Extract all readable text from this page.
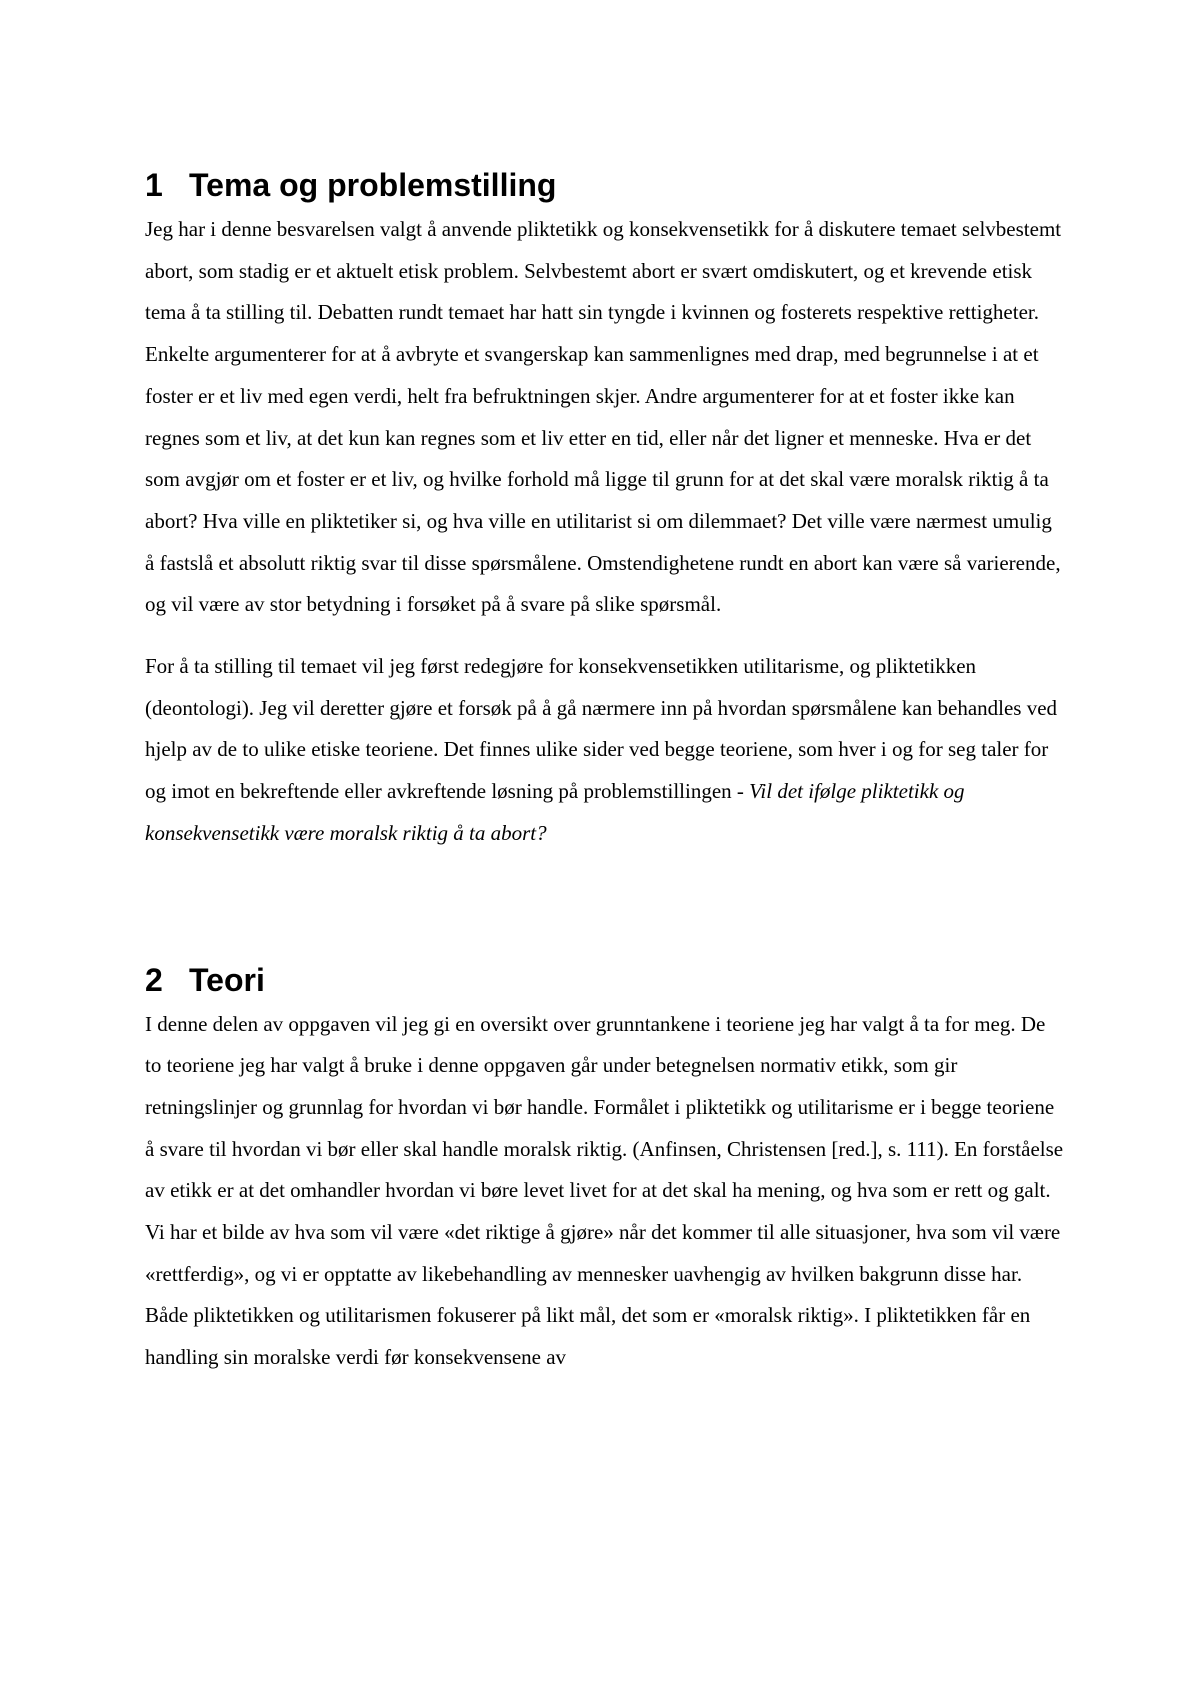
1 Tema og problemstilling

Jeg har i denne besvarelsen valgt å anvende pliktetikk og konsekvensetikk for å diskutere temaet selvbestemt abort, som stadig er et aktuelt etisk problem. Selvbestemt abort er svært omdiskutert, og et krevende etisk tema å ta stilling til. Debatten rundt temaet har hatt sin tyngde i kvinnen og fosterets respektive rettigheter. Enkelte argumenterer for at å avbryte et svangerskap kan sammenlignes med drap, med begrunnelse i at et foster er et liv med egen verdi, helt fra befruktningen skjer. Andre argumenterer for at et foster ikke kan regnes som et liv, at det kun kan regnes som et liv etter en tid, eller når det ligner et menneske. Hva er det som avgjør om et foster er et liv, og hvilke forhold må ligge til grunn for at det skal være moralsk riktig å ta abort? Hva ville en pliktetiker si, og hva ville en utilitarist si om dilemmaet? Det ville være nærmest umulig å fastslå et absolutt riktig svar til disse spørsmålene. Omstendighetene rundt en abort kan være så varierende, og vil være av stor betydning i forsøket på å svare på slike spørsmål.

For å ta stilling til temaet vil jeg først redegjøre for konsekvensetikken utilitarisme, og pliktetikken (deontologi). Jeg vil deretter gjøre et forsøk på å gå nærmere inn på hvordan spørsmålene kan behandles ved hjelp av de to ulike etiske teoriene. Det finnes ulike sider ved begge teoriene, som hver i og for seg taler for og imot en bekreftende eller avkreftende løsning på problemstillingen - Vil det ifølge pliktetikk og konsekvensetikk være moralsk riktig å ta abort?

2 Teori

I denne delen av oppgaven vil jeg gi en oversikt over grunntankene i teoriene jeg har valgt å ta for meg. De to teoriene jeg har valgt å bruke i denne oppgaven går under betegnelsen normativ etikk, som gir retningslinjer og grunnlag for hvordan vi bør handle. Formålet i pliktetikk og utilitarisme er i begge teoriene å svare til hvordan vi bør eller skal handle moralsk riktig. (Anfinsen, Christensen [red.], s. 111). En forståelse av etikk er at det omhandler hvordan vi børe levet livet for at det skal ha mening, og hva som er rett og galt. Vi har et bilde av hva som vil være «det riktige å gjøre» når det kommer til alle situasjoner, hva som vil være «rettferdig», og vi er opptatte av likebehandling av mennesker uavhengig av hvilken bakgrunn disse har. Både pliktetikken og utilitarismen fokuserer på likt mål, det som er «moralsk riktig». I pliktetikken får en handling sin moralske verdi før konsekvensene av
